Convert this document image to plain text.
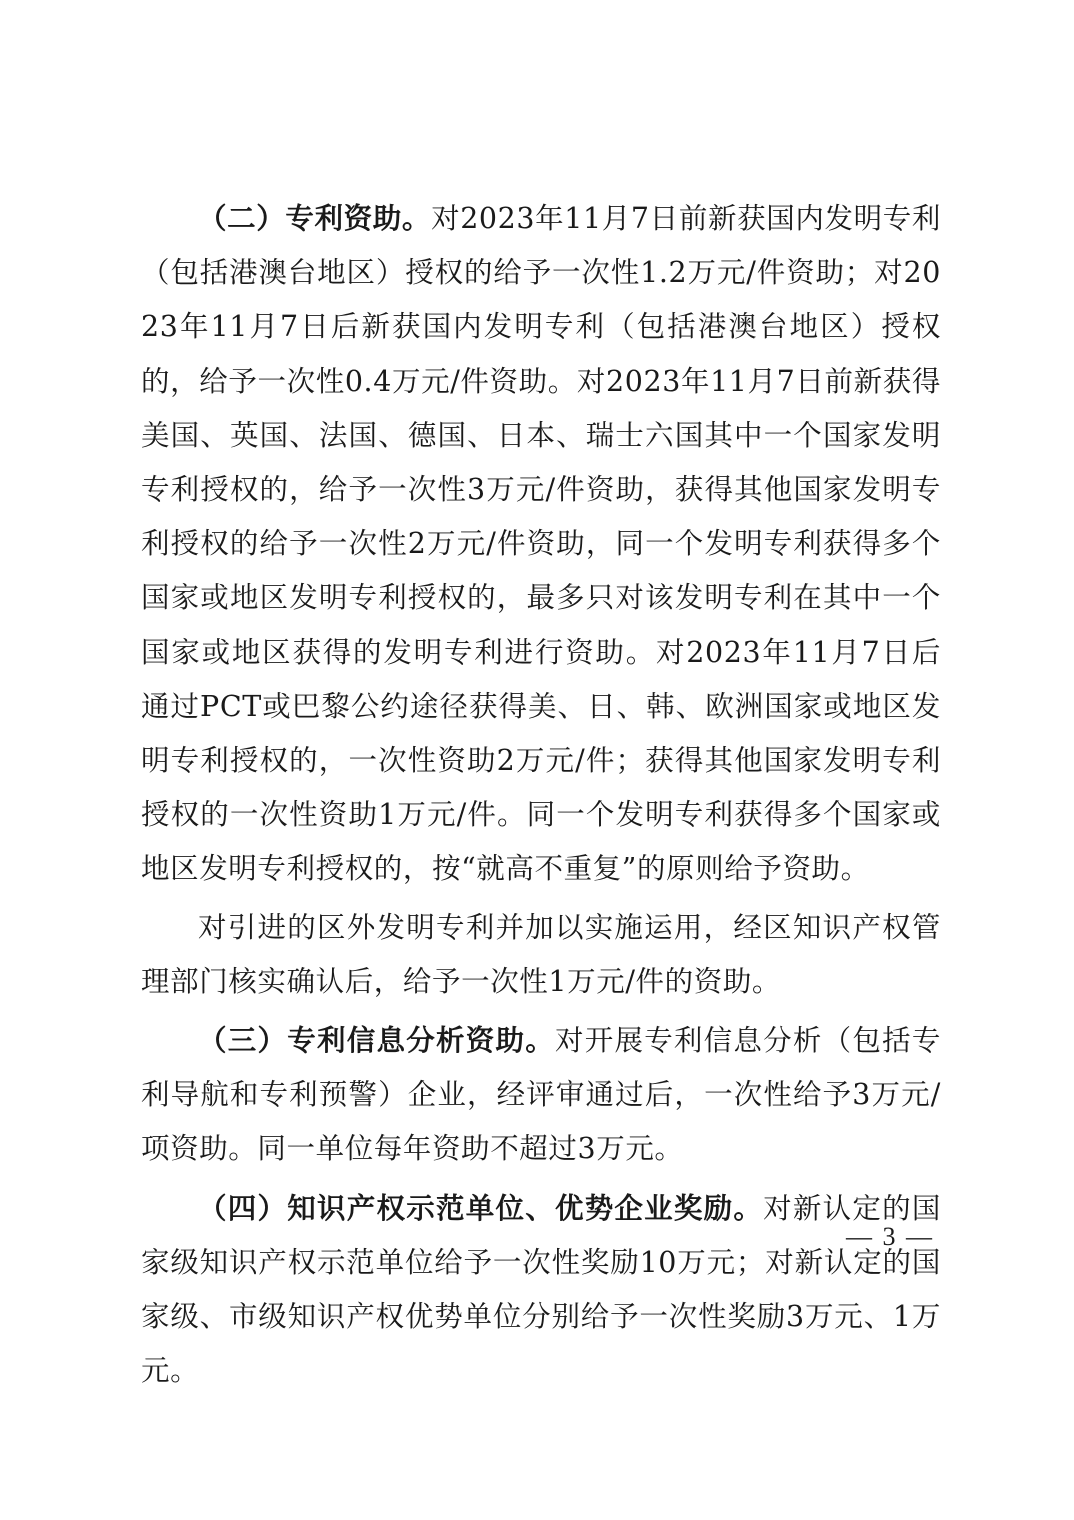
（二）专利资助。对2023年11月7日前新获国内发明专利（包括港澳台地区）授权的给予一次性1.2万元/件资助；对2023年11月7日后新获国内发明专利（包括港澳台地区）授权的，给予一次性0.4万元/件资助。对2023年11月7日前新获得美国、英国、法国、德国、日本、瑞士六国其中一个国家发明专利授权的，给予一次性3万元/件资助，获得其他国家发明专利授权的给予一次性2万元/件资助，同一个发明专利获得多个国家或地区发明专利授权的，最多只对该发明专利在其中一个国家或地区获得的发明专利进行资助。对2023年11月7日后通过PCT或巴黎公约途径获得美、日、韩、欧洲国家或地区发明专利授权的，一次性资助2万元/件；获得其他国家发明专利授权的一次性资助1万元/件。同一个发明专利获得多个国家或地区发明专利授权的，按“就高不重复”的原则给予资助。

对引进的区外发明专利并加以实施运用，经区知识产权管理部门核实确认后，给予一次性1万元/件的资助。

（三）专利信息分析资助。对开展专利信息分析（包括专利导航和专利预警）企业，经评审通过后，一次性给予3万元/项资助。同一单位每年资助不超过3万元。

（四）知识产权示范单位、优势企业奖励。对新认定的国家级知识产权示范单位给予一次性奖励10万元；对新认定的国家级、市级知识产权优势单位分别给予一次性奖励3万元、1万元。

— 3 —
